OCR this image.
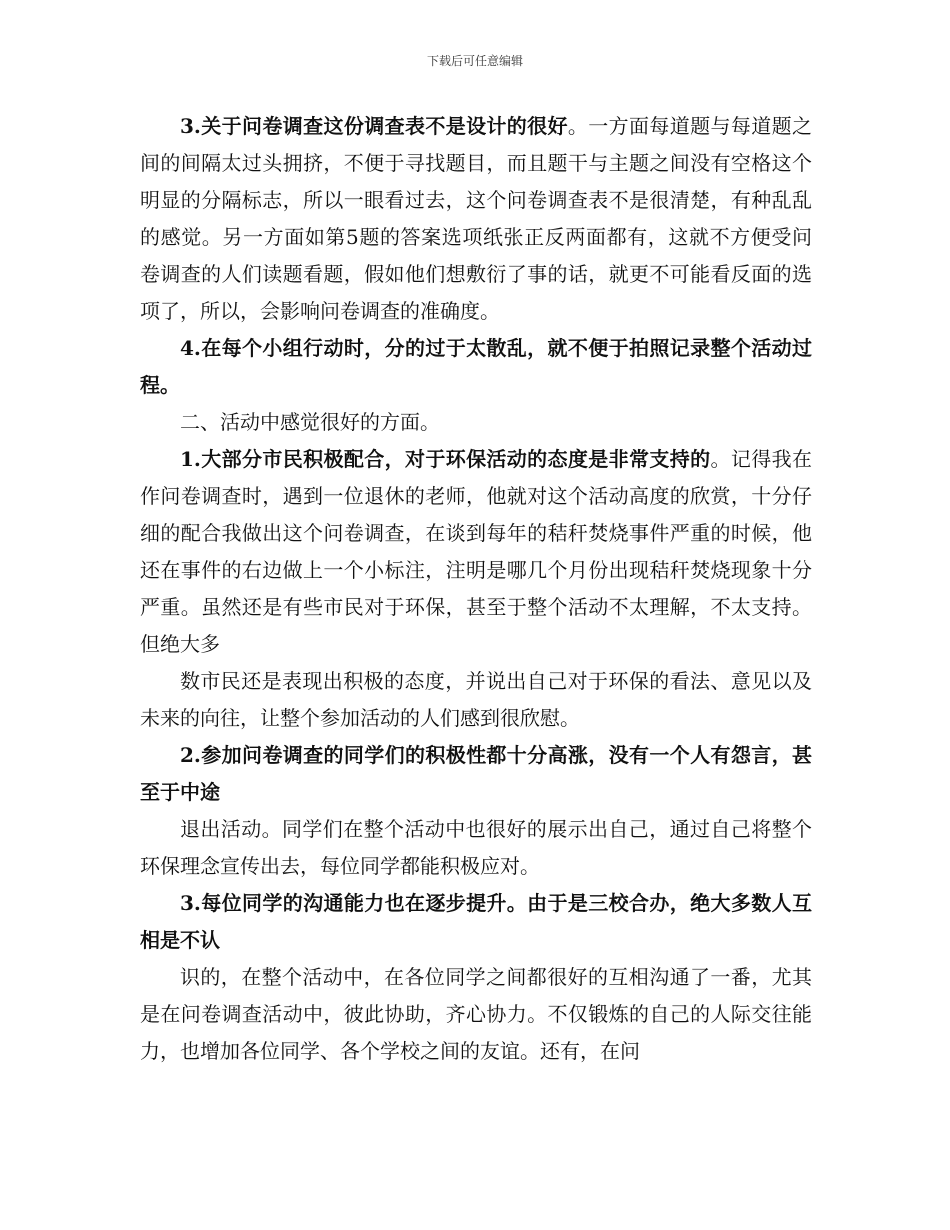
下载后可任意编辑

3.关于问卷调查这份调查表不是设计的很好。一方面每道题与每道题之间的间隔太过头拥挤，不便于寻找题目，而且题干与主题之间没有空格这个明显的分隔标志，所以一眼看过去，这个问卷调查表不是很清楚，有种乱乱的感觉。另一方面如第5题的答案选项纸张正反两面都有，这就不方便受问卷调查的人们读题看题，假如他们想敷衍了事的话，就更不可能看反面的选项了，所以，会影响问卷调查的准确度。

4.在每个小组行动时，分的过于太散乱，就不便于拍照记录整个活动过程。

二、活动中感觉很好的方面。

1.大部分市民积极配合，对于环保活动的态度是非常支持的。记得我在作问卷调查时，遇到一位退休的老师，他就对这个活动高度的欣赏，十分仔细的配合我做出这个问卷调查，在谈到每年的秸秆焚烧事件严重的时候，他还在事件的右边做上一个小标注，注明是哪几个月份出现秸秆焚烧现象十分严重。虽然还是有些市民对于环保，甚至于整个活动不太理解，不太支持。但绝大多

数市民还是表现出积极的态度，并说出自己对于环保的看法、意见以及未来的向往，让整个参加活动的人们感到很欣慰。

2.参加问卷调查的同学们的积极性都十分高涨，没有一个人有怨言，甚至于中途

退出活动。同学们在整个活动中也很好的展示出自己，通过自己将整个环保理念宣传出去，每位同学都能积极应对。

3.每位同学的沟通能力也在逐步提升。由于是三校合办，绝大多数人互相是不认

识的，在整个活动中，在各位同学之间都很好的互相沟通了一番，尤其是在问卷调查活动中，彼此协助，齐心协力。不仅锻炼的自己的人际交往能力，也增加各位同学、各个学校之间的友谊。还有，在问
